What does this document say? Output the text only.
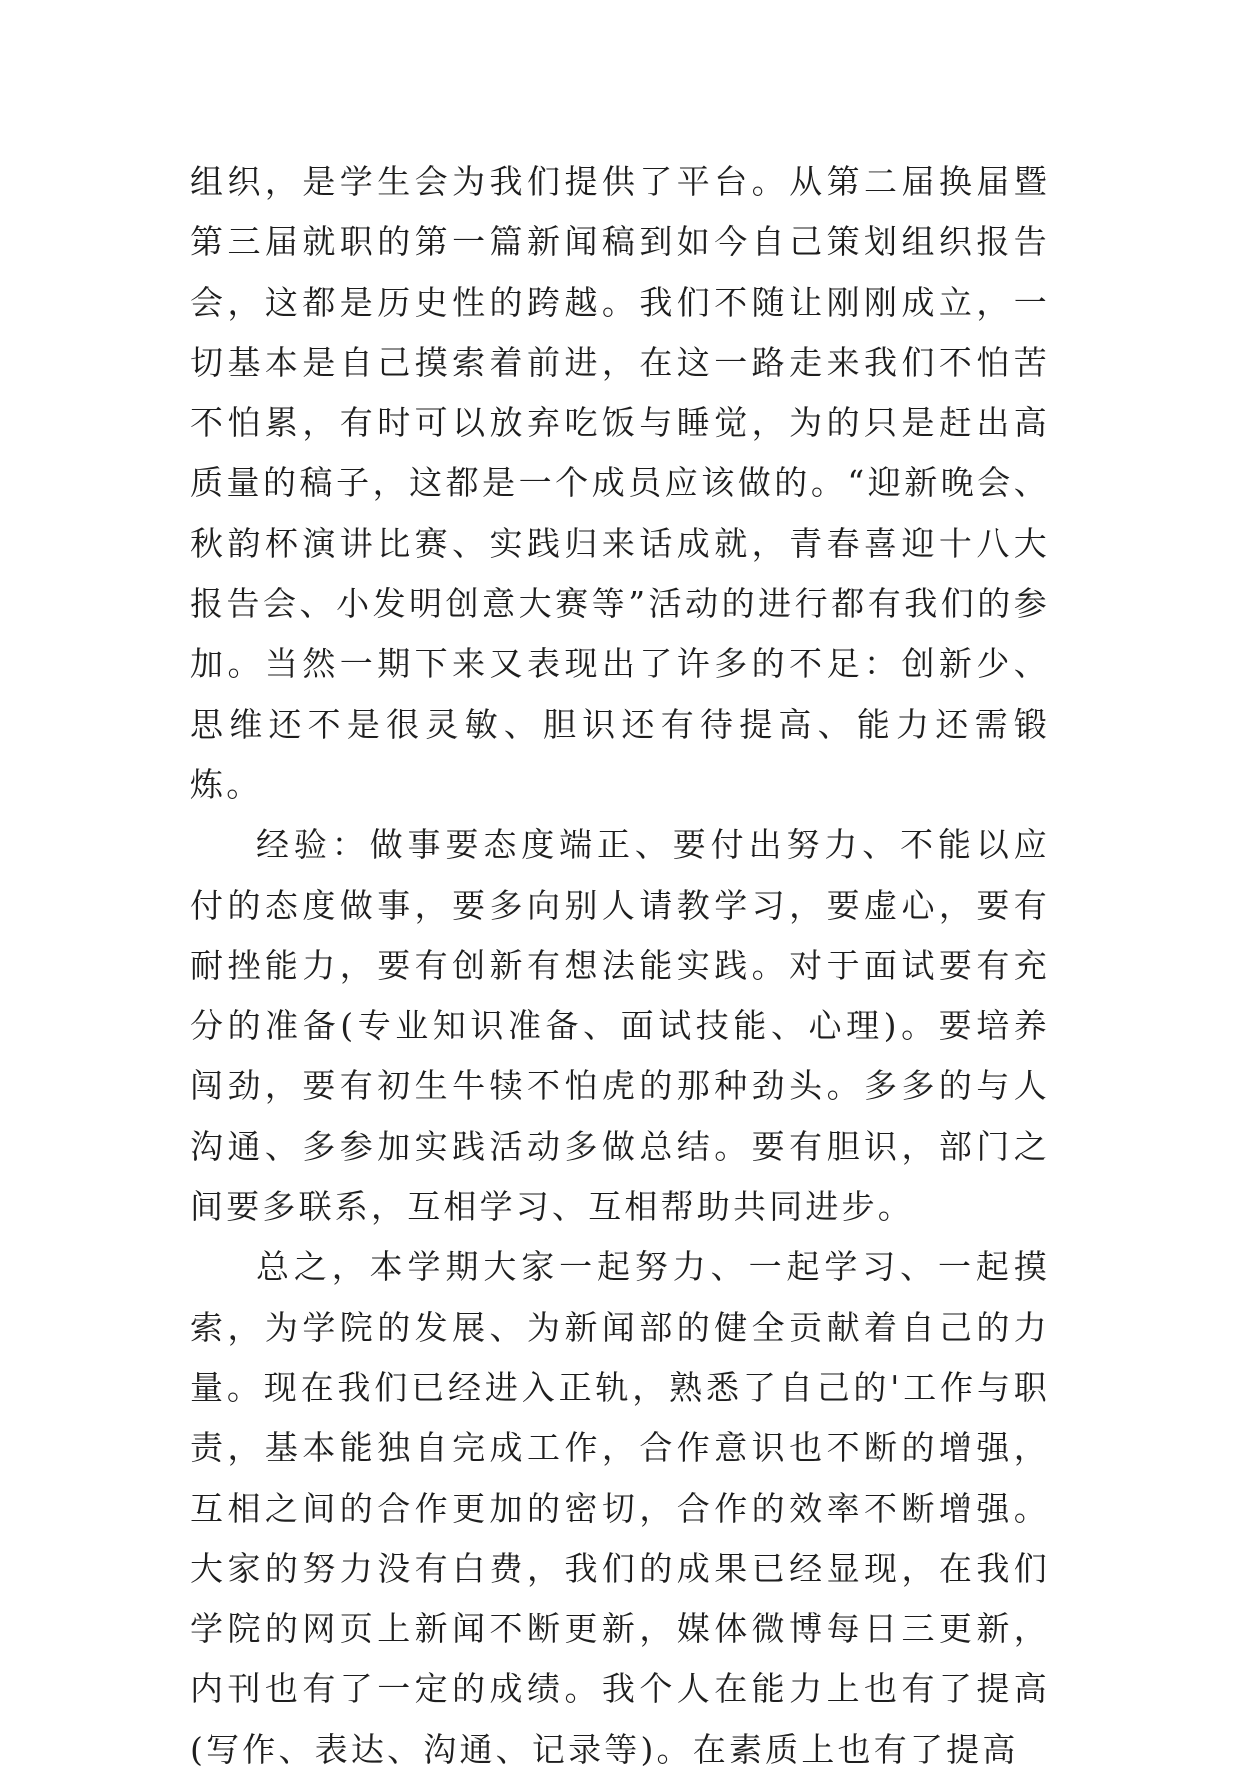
组织，是学生会为我们提供了平台。从第二届换届暨第三届就职的第一篇新闻稿到如今自己策划组织报告会，这都是历史性的跨越。我们不随让刚刚成立，一切基本是自己摸索着前进，在这一路走来我们不怕苦不怕累，有时可以放弃吃饭与睡觉，为的只是赶出高质量的稿子，这都是一个成员应该做的。“迎新晚会、秋韵杯演讲比赛、实践归来话成就，青春喜迎十八大报告会、小发明创意大赛等”活动的进行都有我们的参加。当然一期下来又表现出了许多的不足：创新少、思维还不是很灵敏、胆识还有待提高、能力还需锻炼。

经验：做事要态度端正、要付出努力、不能以应付的态度做事，要多向别人请教学习，要虚心，要有耐挫能力，要有创新有想法能实践。对于面试要有充分的准备(专业知识准备、面试技能、心理)。要培养闯劲，要有初生牛犊不怕虎的那种劲头。多多的与人沟通、多参加实践活动多做总结。要有胆识，部门之间要多联系，互相学习、互相帮助共同进步。

总之，本学期大家一起努力、一起学习、一起摸索，为学院的发展、为新闻部的健全贡献着自己的力量。现在我们已经进入正轨，熟悉了自己的'工作与职责，基本能独自完成工作，合作意识也不断的增强，互相之间的合作更加的密切，合作的效率不断增强。大家的努力没有白费，我们的成果已经显现，在我们学院的网页上新闻不断更新，媒体微博每日三更新，内刊也有了一定的成绩。我个人在能力上也有了提高(写作、表达、沟通、记录等)。在素质上也有了提高
